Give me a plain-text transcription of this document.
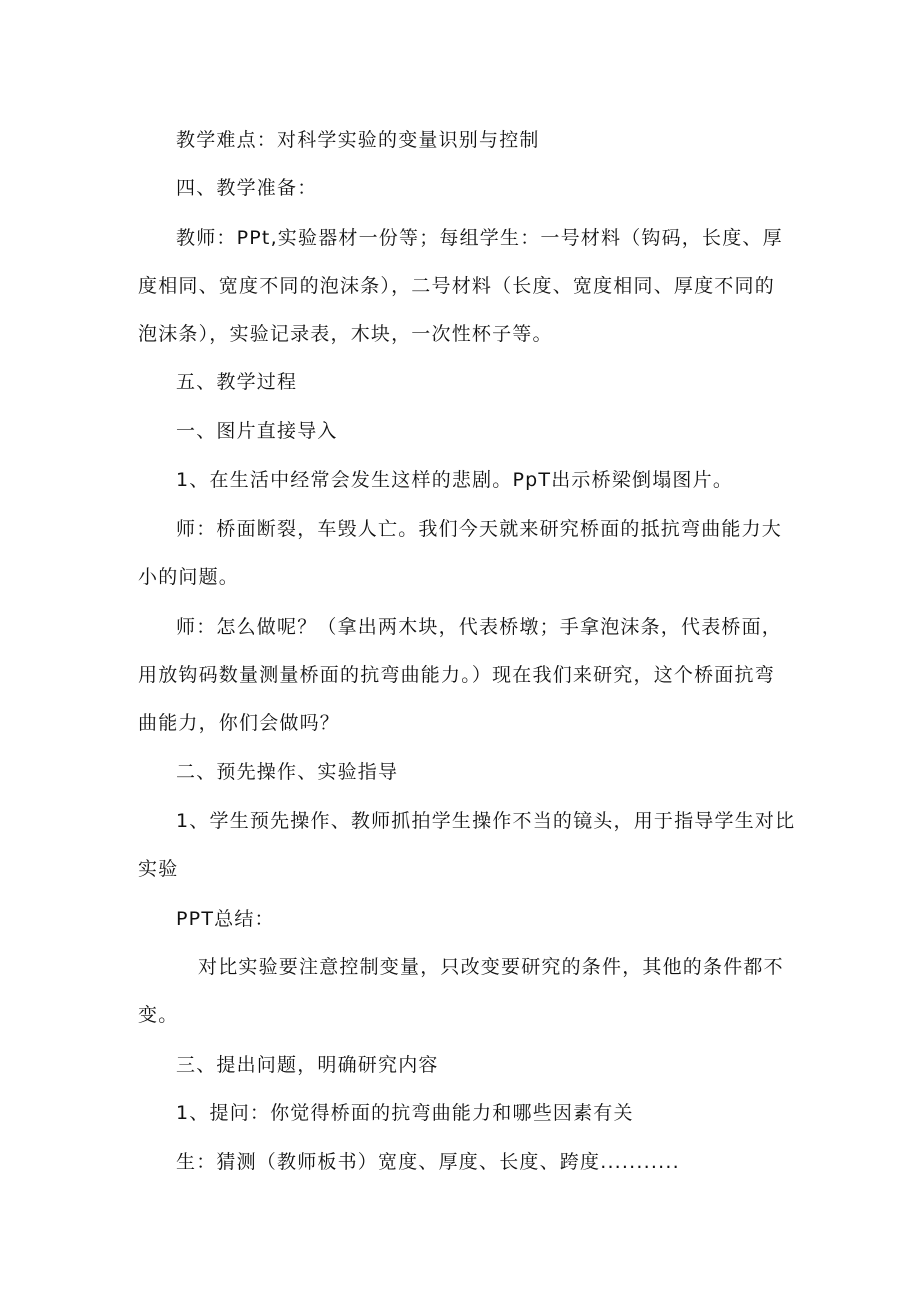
教学难点：对科学实验的变量识别与控制

四、教学准备：

教师：PPt,实验器材一份等；每组学生：一号材料（钩码，长度、厚
度相同、宽度不同的泡沫条），二号材料（长度、宽度相同、厚度不同的
泡沫条），实验记录表，木块，一次性杯子等。

五、教学过程

一、图片直接导入

1、在生活中经常会发生这样的悲剧。PpT出示桥梁倒塌图片。

师：桥面断裂，车毁人亡。我们今天就来研究桥面的抵抗弯曲能力大
小的问题。
师：怎么做呢？（拿出两木块，代表桥墩；手拿泡沫条，代表桥面，
用放钩码数量测量桥面的抗弯曲能力。）现在我们来研究，这个桥面抗弯
曲能力，你们会做吗？

二、预先操作、实验指导

1、学生预先操作、教师抓拍学生操作不当的镜头，用于指导学生对比
实验

PPT总结：

对比实验要注意控制变量，只改变要研究的条件，其他的条件都不
变。

三、提出问题，明确研究内容

1、提问：你觉得桥面的抗弯曲能力和哪些因素有关

生：猜测（教师板书）宽度、厚度、长度、跨度...........
